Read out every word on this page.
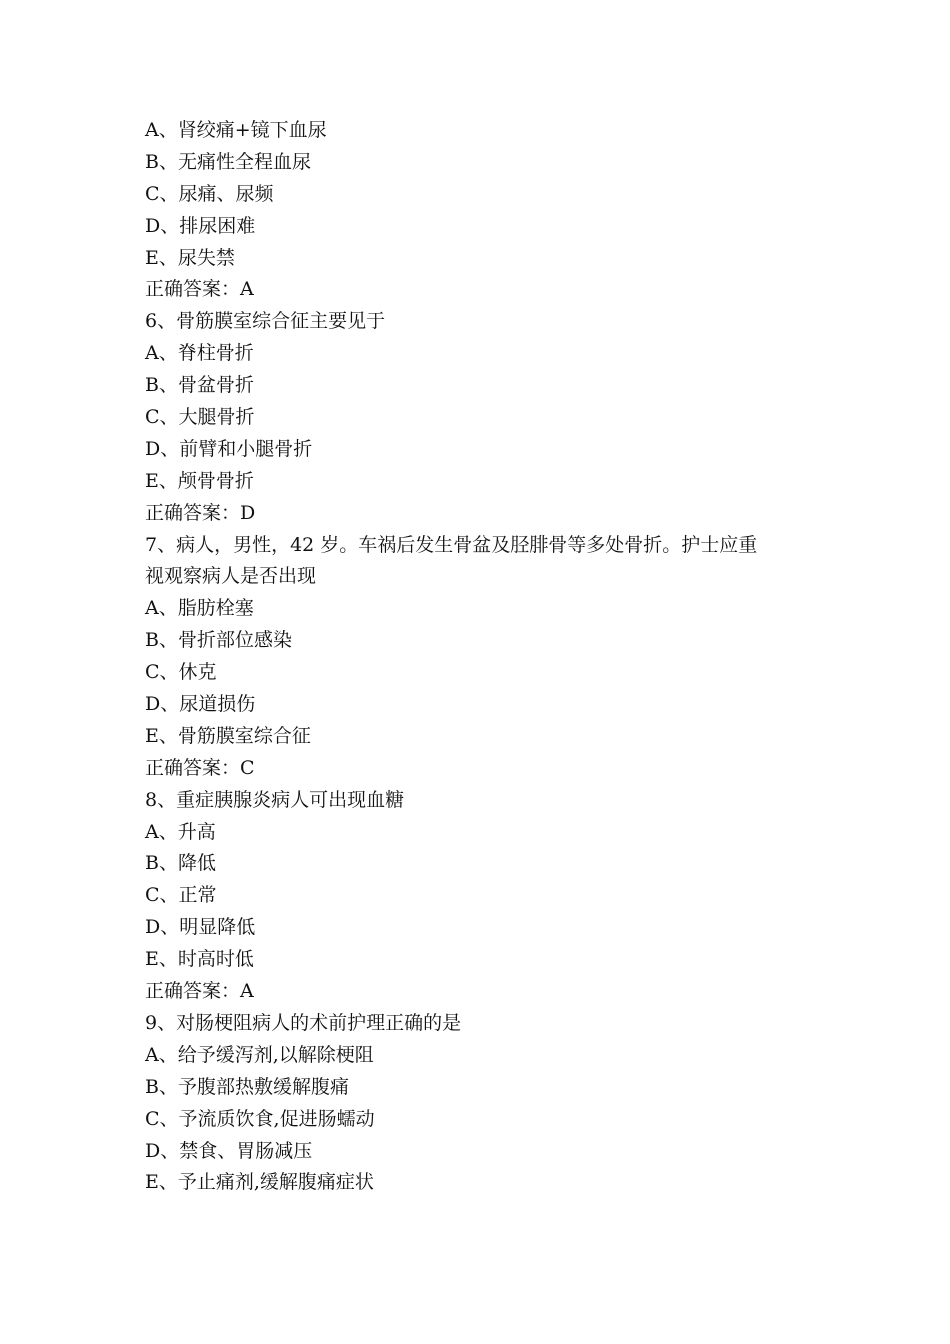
A、肾绞痛+镜下血尿

B、无痛性全程血尿

C、尿痛、尿频

D、排尿困难

E、尿失禁

正确答案：A

6、骨筋膜室综合征主要见于

A、脊柱骨折

B、骨盆骨折

C、大腿骨折

D、前臂和小腿骨折

E、颅骨骨折

正确答案：D

7、病人，男性，42 岁。车祸后发生骨盆及胫腓骨等多处骨折。护士应重

视观察病人是否出现

A、脂肪栓塞

B、骨折部位感染

C、休克

D、尿道损伤

E、骨筋膜室综合征

正确答案：C

8、重症胰腺炎病人可出现血糖

A、升高

B、降低

C、正常

D、明显降低

E、时高时低

正确答案：A

9、对肠梗阻病人的术前护理正确的是

A、给予缓泻剂,以解除梗阻

B、予腹部热敷缓解腹痛

C、予流质饮食,促进肠蠕动

D、禁食、胃肠减压

E、予止痛剂,缓解腹痛症状
